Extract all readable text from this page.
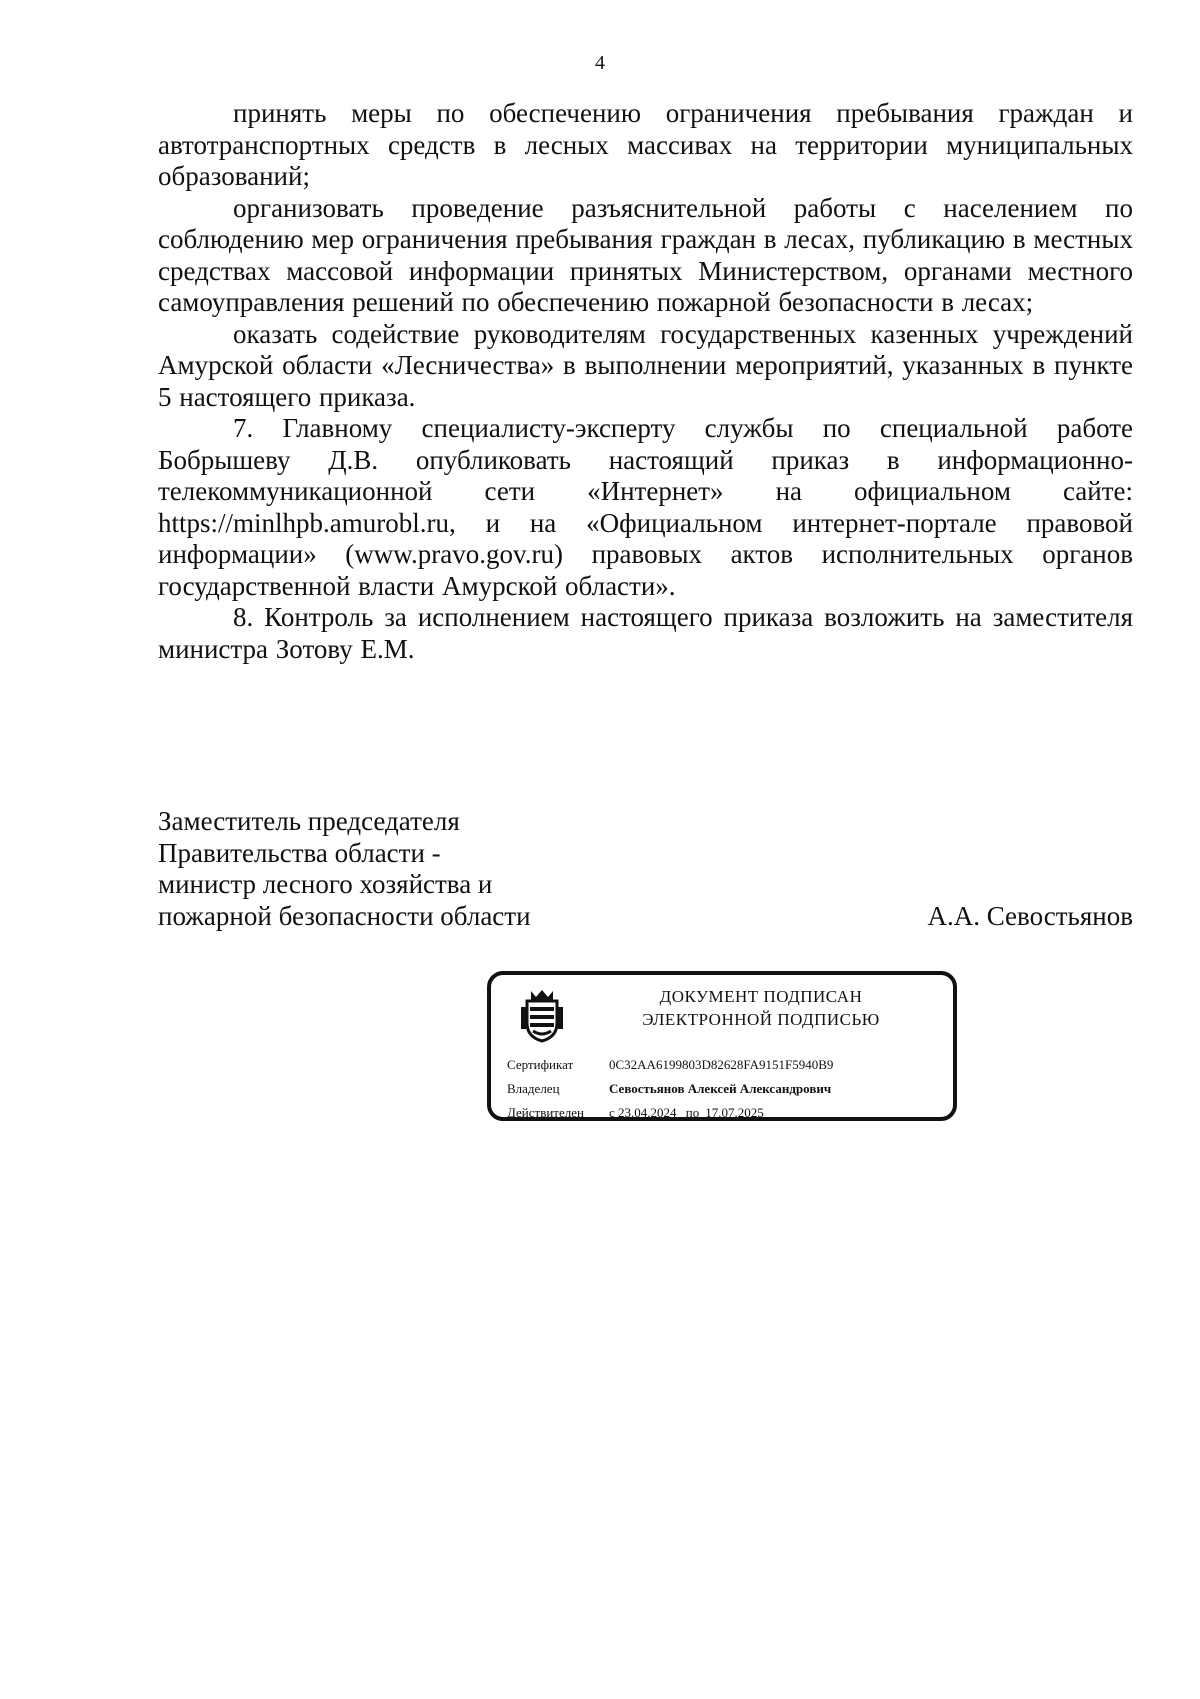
4

принять меры по обеспечению ограничения пребывания граждан и автотранспортных средств в лесных массивах на территории муниципальных образований;

организовать проведение разъяснительной работы с населением по соблюдению мер ограничения пребывания граждан в лесах, публикацию в местных средствах массовой информации принятых Министерством, органами местного самоуправления решений по обеспечению пожарной безопасности в лесах;

оказать содействие руководителям государственных казенных учреждений Амурской области «Лесничества» в выполнении мероприятий, указанных в пункте 5 настоящего приказа.

7. Главному специалисту-эксперту службы по специальной работе Бобрышеву Д.В. опубликовать настоящий приказ в информационно-телекоммуникационной сети «Интернет» на официальном сайте: https://minlhpb.amurobl.ru, и на «Официальном интернет-портале правовой информации» (www.pravo.gov.ru) правовых актов исполнительных органов государственной власти Амурской области».

8. Контроль за исполнением настоящего приказа возложить на заместителя министра Зотову Е.М.

Заместитель председателя
Правительства области -
министр лесного хозяйства и
пожарной безопасности области	А.А. Севостьянов
ДОКУМЕНТ ПОДПИСАН
ЭЛЕКТРОННОЙ ПОДПИСЬЮ
Сертификат	0C32AA6199803D82628FA9151F5940B9
Владелец	Севостьянов Алексей Александрович
Действителен с 23.04.2024 по 17.07.2025
